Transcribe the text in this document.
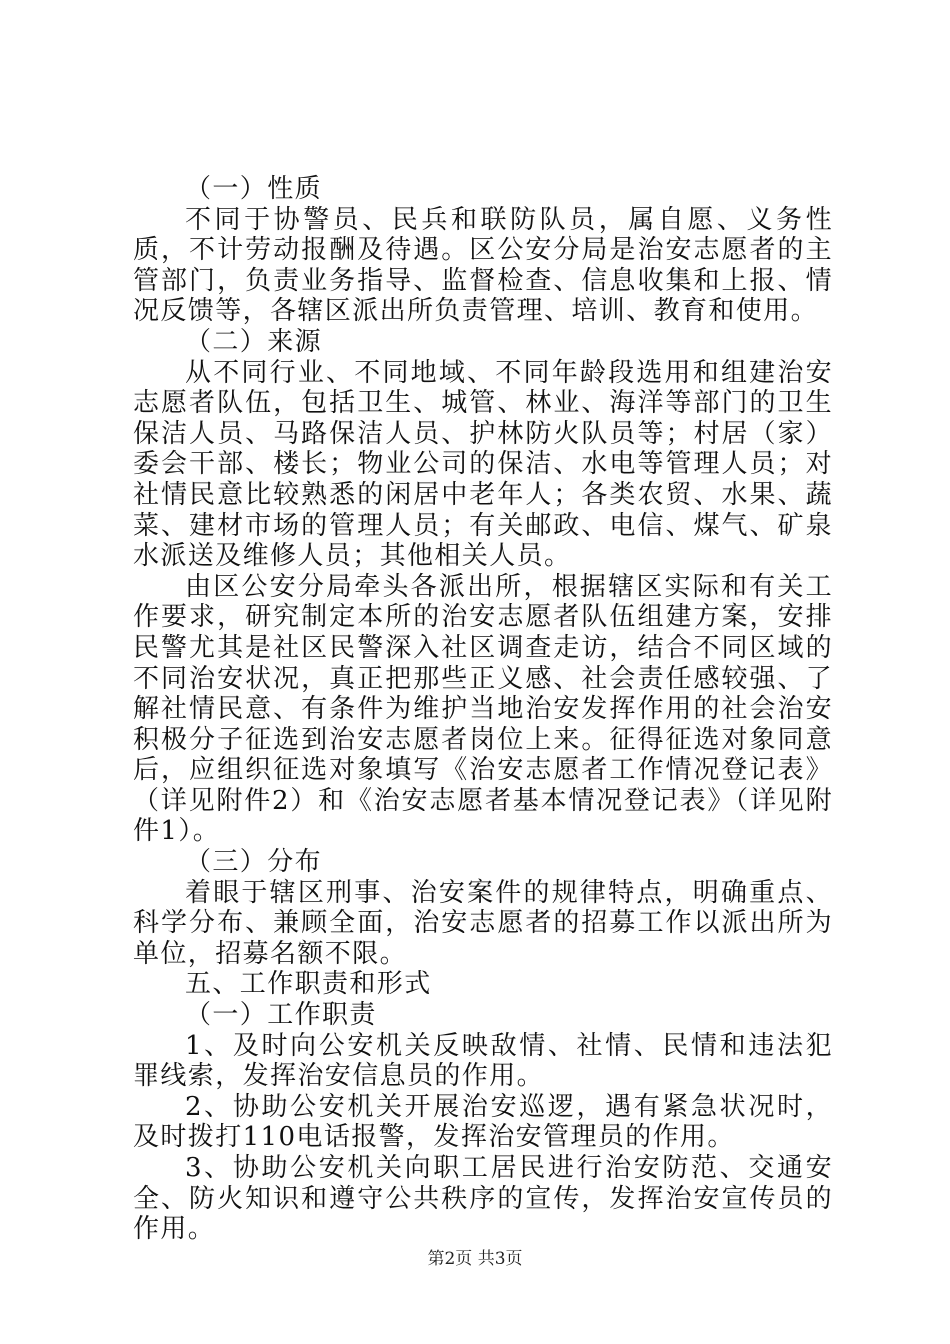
（一）性质

不同于协警员、民兵和联防队员，属自愿、义务性质，不计劳动报酬及待遇。区公安分局是治安志愿者的主管部门，负责业务指导、监督检查、信息收集和上报、情况反馈等，各辖区派出所负责管理、培训、教育和使用。

（二）来源

从不同行业、不同地域、不同年龄段选用和组建治安志愿者队伍，包括卫生、城管、林业、海洋等部门的卫生保洁人员、马路保洁人员、护林防火队员等；村居（家）委会干部、楼长；物业公司的保洁、水电等管理人员；对社情民意比较熟悉的闲居中老年人；各类农贸、水果、蔬菜、建材市场的管理人员；有关邮政、电信、煤气、矿泉水派送及维修人员；其他相关人员。

由区公安分局牵头各派出所，根据辖区实际和有关工作要求，研究制定本所的治安志愿者队伍组建方案，安排民警尤其是社区民警深入社区调查走访，结合不同区域的不同治安状况，真正把那些正义感、社会责任感较强、了解社情民意、有条件为维护当地治安发挥作用的社会治安积极分子征选到治安志愿者岗位上来。征得征选对象同意后，应组织征选对象填写《治安志愿者工作情况登记表》（详见附件2）和《治安志愿者基本情况登记表》（详见附件1）。

（三）分布

着眼于辖区刑事、治安案件的规律特点，明确重点、科学分布、兼顾全面，治安志愿者的招募工作以派出所为单位，招募名额不限。

五、工作职责和形式

（一）工作职责

1、及时向公安机关反映敌情、社情、民情和违法犯罪线索，发挥治安信息员的作用。

2、协助公安机关开展治安巡逻，遇有紧急状况时，及时拨打110电话报警，发挥治安管理员的作用。

3、协助公安机关向职工居民进行治安防范、交通安全、防火知识和遵守公共秩序的宣传，发挥治安宣传员的作用。

第2页 共3页
